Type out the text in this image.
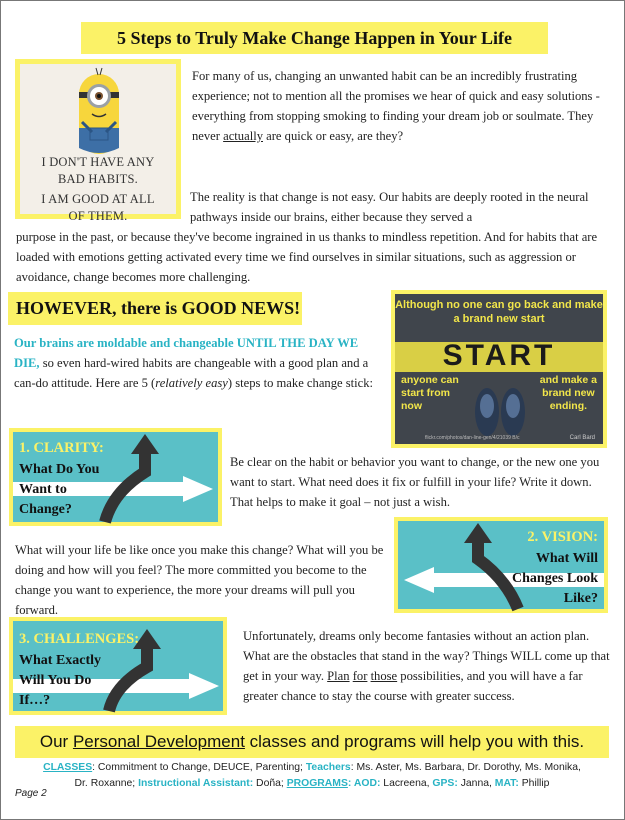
5 Steps to Truly Make Change Happen in Your Life
I DON'T HAVE ANY
BAD HABITS.
I AM GOOD AT ALL
OF THEM.
For many of us, changing an unwanted habit can be an incredibly frustrating experience; not to mention all the promises we hear of quick and easy solutions - everything from stopping smoking to finding your dream job or soulmate. They never actually are quick or easy, are they?
The reality is that change is not easy. Our habits are deeply rooted in the neural pathways inside our brains, either because they served a
purpose in the past, or because they've become ingrained in us thanks to mindless repetition. And for habits that are loaded with emotions getting activated every time we find ourselves in similar situations, such as aggression or avoidance, change becomes more challenging.
HOWEVER, there is GOOD NEWS!	Although no one can go back and make a brand new start
START
anyone can
start from
now
and make a
brand new
ending.
flickr.com/photos/dan-line-gen/4/21039 B/c	Carl Bard
Our brains are moldable and changeable UNTIL THE DAY WE DIE, so even hard-wired habits are changeable with a good plan and a can-do attitude. Here are 5 (relatively easy) steps to make change stick:
1. CLARITY:
What Do You
Want to
Change?
Be clear on the habit or behavior you want to change, or the new one you want to start. What need does it fix or fulfill in your life? Write it down. That helps to make it goal – not just a wish.
2. VISION:
What Will
Changes Look
Like?
What will your life be like once you make this change? What will you be doing and how will you feel? The more committed you become to the change you want to experience, the more your dreams will pull you forward.
3. CHALLENGES:
What Exactly
Will You Do
If…?
Unfortunately, dreams only become fantasies without an action plan. What are the obstacles that stand in the way? Things WILL come up that get in your way. Plan for those possibilities, and you will have a far greater chance to stay the course with greater success.
Our Personal Development classes and programs will help you with this.
CLASSES: Commitment to Change, DEUCE, Parenting; Teachers: Ms. Aster, Ms. Barbara, Dr. Dorothy, Ms. Monika,
Dr. Roxanne; Instructional Assistant: Doña; PROGRAMS: AOD: Lacreena, GPS: Janna, MAT: Phillip
Page 2
